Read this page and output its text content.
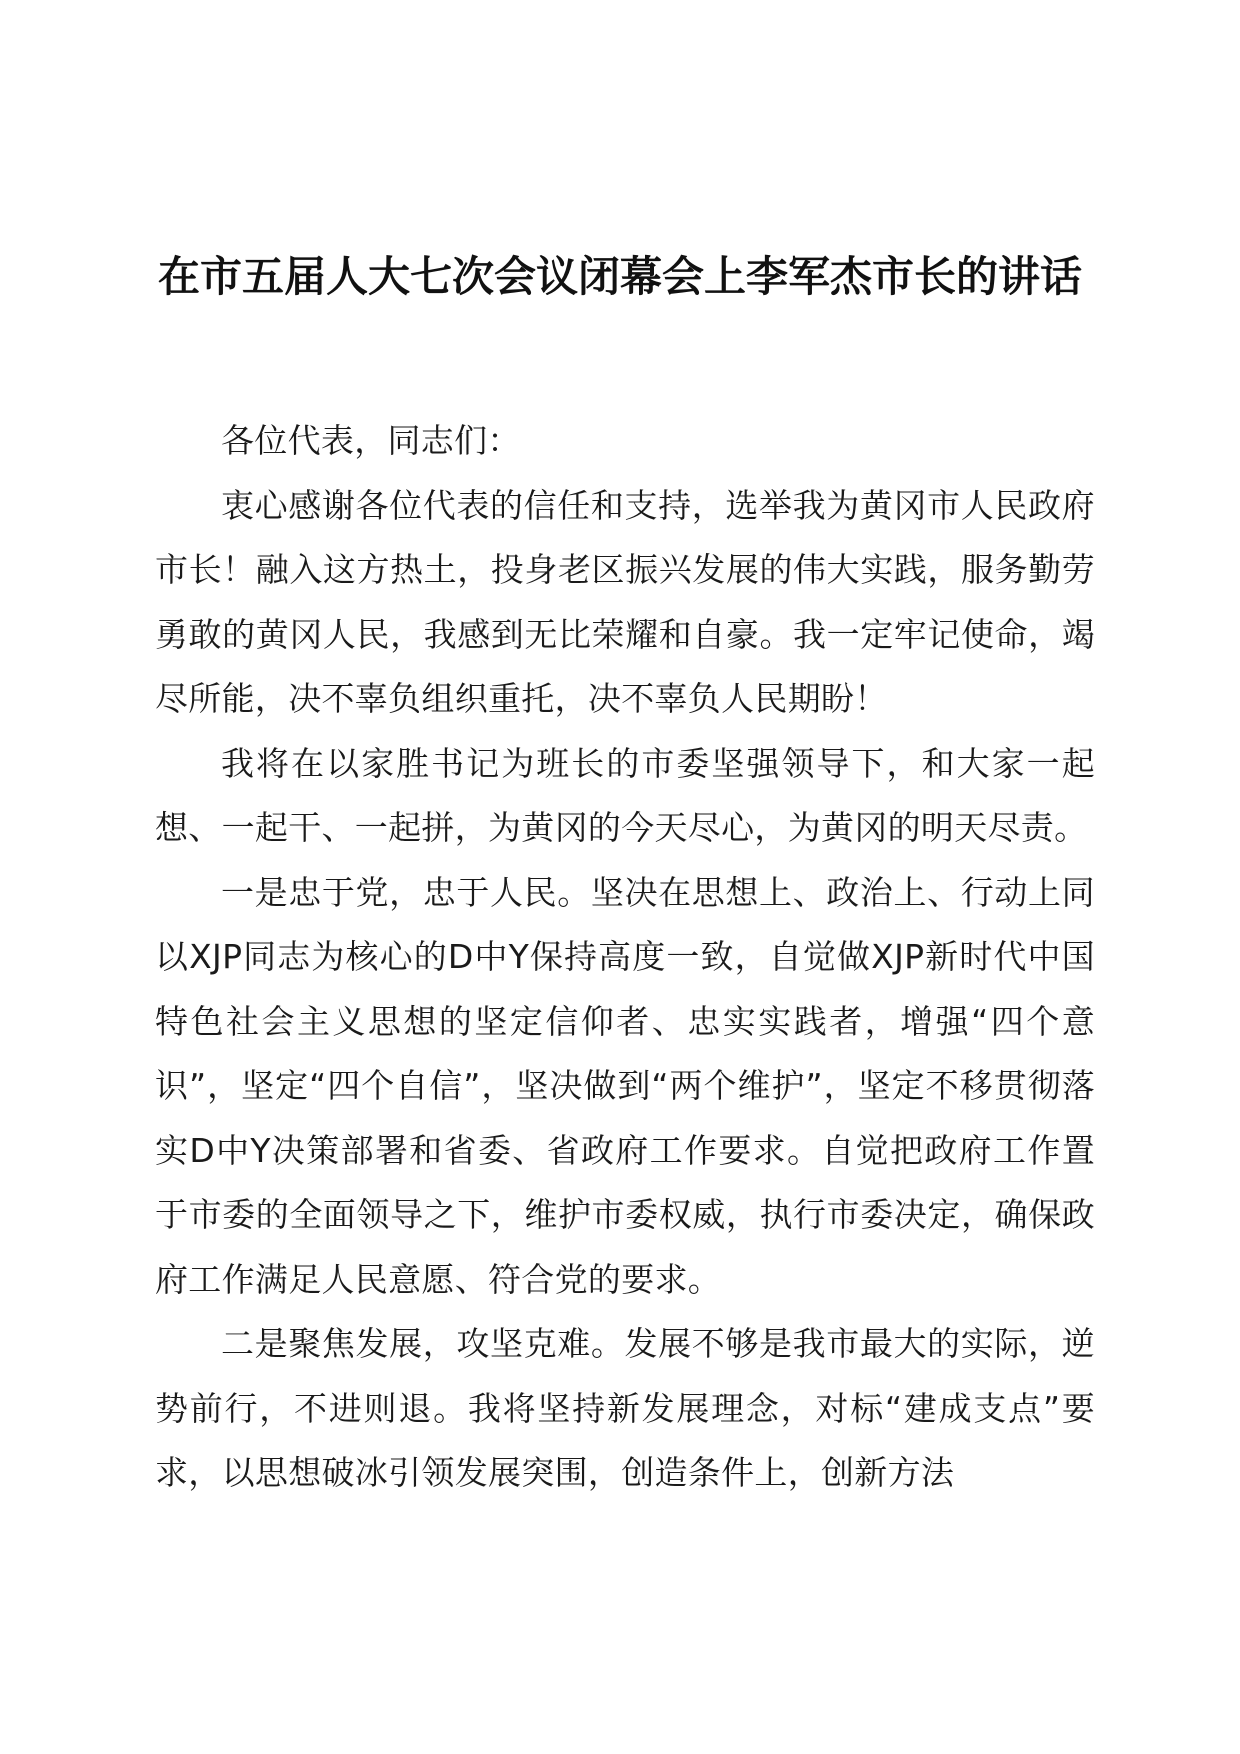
在市五届人大七次会议闭幕会上李军杰市长的讲话

各位代表，同志们：

衷心感谢各位代表的信任和支持，选举我为黄冈市人民政府市长！融入这方热土，投身老区振兴发展的伟大实践，服务勤劳勇敢的黄冈人民，我感到无比荣耀和自豪。我一定牢记使命，竭尽所能，决不辜负组织重托，决不辜负人民期盼！

我将在以家胜书记为班长的市委坚强领导下，和大家一起想、一起干、一起拼，为黄冈的今天尽心，为黄冈的明天尽责。

一是忠于党，忠于人民。坚决在思想上、政治上、行动上同以XJP同志为核心的D中Y保持高度一致，自觉做XJP新时代中国特色社会主义思想的坚定信仰者、忠实实践者，增强“四个意识”，坚定“四个自信”，坚决做到“两个维护”，坚定不移贯彻落实D中Y决策部署和省委、省政府工作要求。自觉把政府工作置于市委的全面领导之下，维护市委权威，执行市委决定，确保政府工作满足人民意愿、符合党的要求。

二是聚焦发展，攻坚克难。发展不够是我市最大的实际，逆势前行，不进则退。我将坚持新发展理念，对标“建成支点”要求，以思想破冰引领发展突围，创造条件上，创新方法
